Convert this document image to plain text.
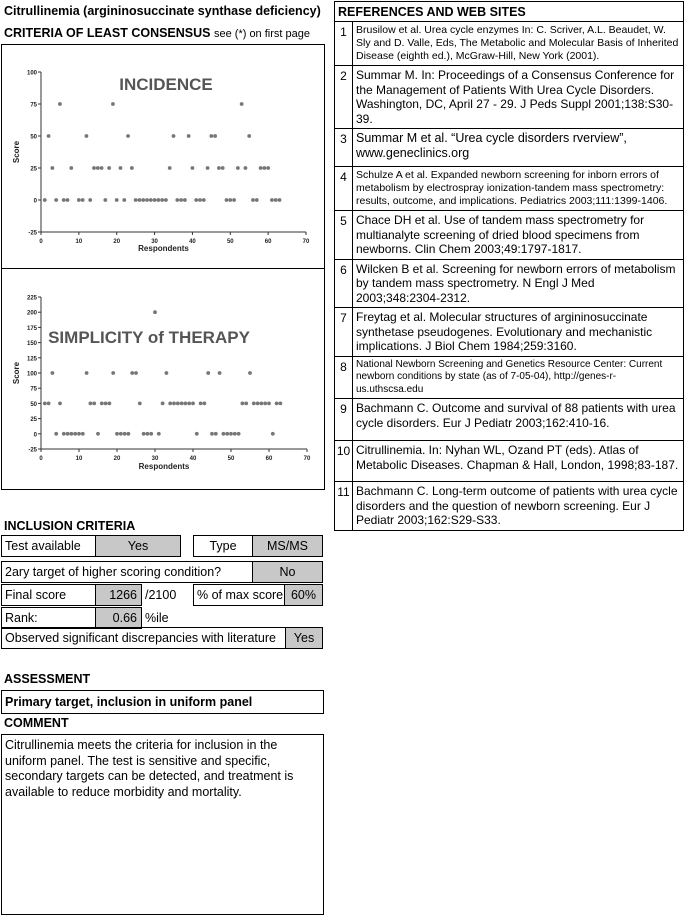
Citrullinemia (argininosuccinate synthase deficiency)
CRITERIA OF LEAST CONSENSUS see (*) on first page
INCIDENCE
-25
0
25
50
75
100
0	10	20	30	40	50	60	70
Respondents
Score
SIMPLICITY of THERAPY
-25
0
25
50
75
100
125
150
175
200
225
0	10	20	30	40	50	60	70
Respondents
Score
REFERENCES AND WEB SITES
1	Brusilow et al. Urea cycle enzymes In: C. Scriver, A.L. Beaudet, W. Sly and D. Valle, Eds, The Metabolic and Molecular Basis of Inherited Disease (eighth ed.), McGraw-Hill, New York (2001).
2	Summar M. In: Proceedings of a Consensus Conference for the Management of Patients With Urea Cycle Disorders. Washington, DC, April 27 - 29. J Peds Suppl 2001;138:S30-39.
3	Summar M et al. “Urea cycle disorders rverview”, www.geneclinics.org
4	Schulze A et al. Expanded newborn screening for inborn errors of metabolism by electrospray ionization-tandem mass spectrometry: results, outcome, and implications. Pediatrics 2003;111:1399-1406.
5	Chace DH et al. Use of tandem mass spectrometry for multianalyte screening of dried blood specimens from newborns. Clin Chem 2003;49:1797-1817.
6	Wilcken B et al. Screening for newborn errors of metabolism by tandem mass spectrometry. N Engl J Med 2003;348:2304-2312.
7	Freytag et al. Molecular structures of argininosuccinate synthetase pseudogenes. Evolutionary and mechanistic implications. J Biol Chem 1984;259:3160.
8	National Newborn Screening and Genetics Resource Center: Current newborn conditions by state (as of 7-05-04), http://genes-r-us.uthscsa.edu
9	Bachmann C. Outcome and survival of 88 patients with urea cycle disorders. Eur J Pediatr 2003;162:410-16.
10	Citrullinemia. In: Nyhan WL, Ozand PT (eds). Atlas of Metabolic Diseases. Chapman & Hall, London, 1998;83-187.
11	Bachmann C. Long-term outcome of patients with urea cycle disorders and the question of newborn screening. Eur J Pediatr 2003;162:S29-S33.
INCLUSION CRITERIA
Test available	Yes	Type	MS/MS
2ary target of higher scoring condition?	No
Final score	1266 /2100	% of max score 60%
Rank:	0.66 %ile
Observed significant discrepancies with literature	Yes
ASSESSMENT
Primary target, inclusion in uniform panel
COMMENT
Citrullinemia meets the criteria for inclusion in the uniform panel. The test is sensitive and specific, secondary targets can be detected, and treatment is available to reduce morbidity and mortality.
